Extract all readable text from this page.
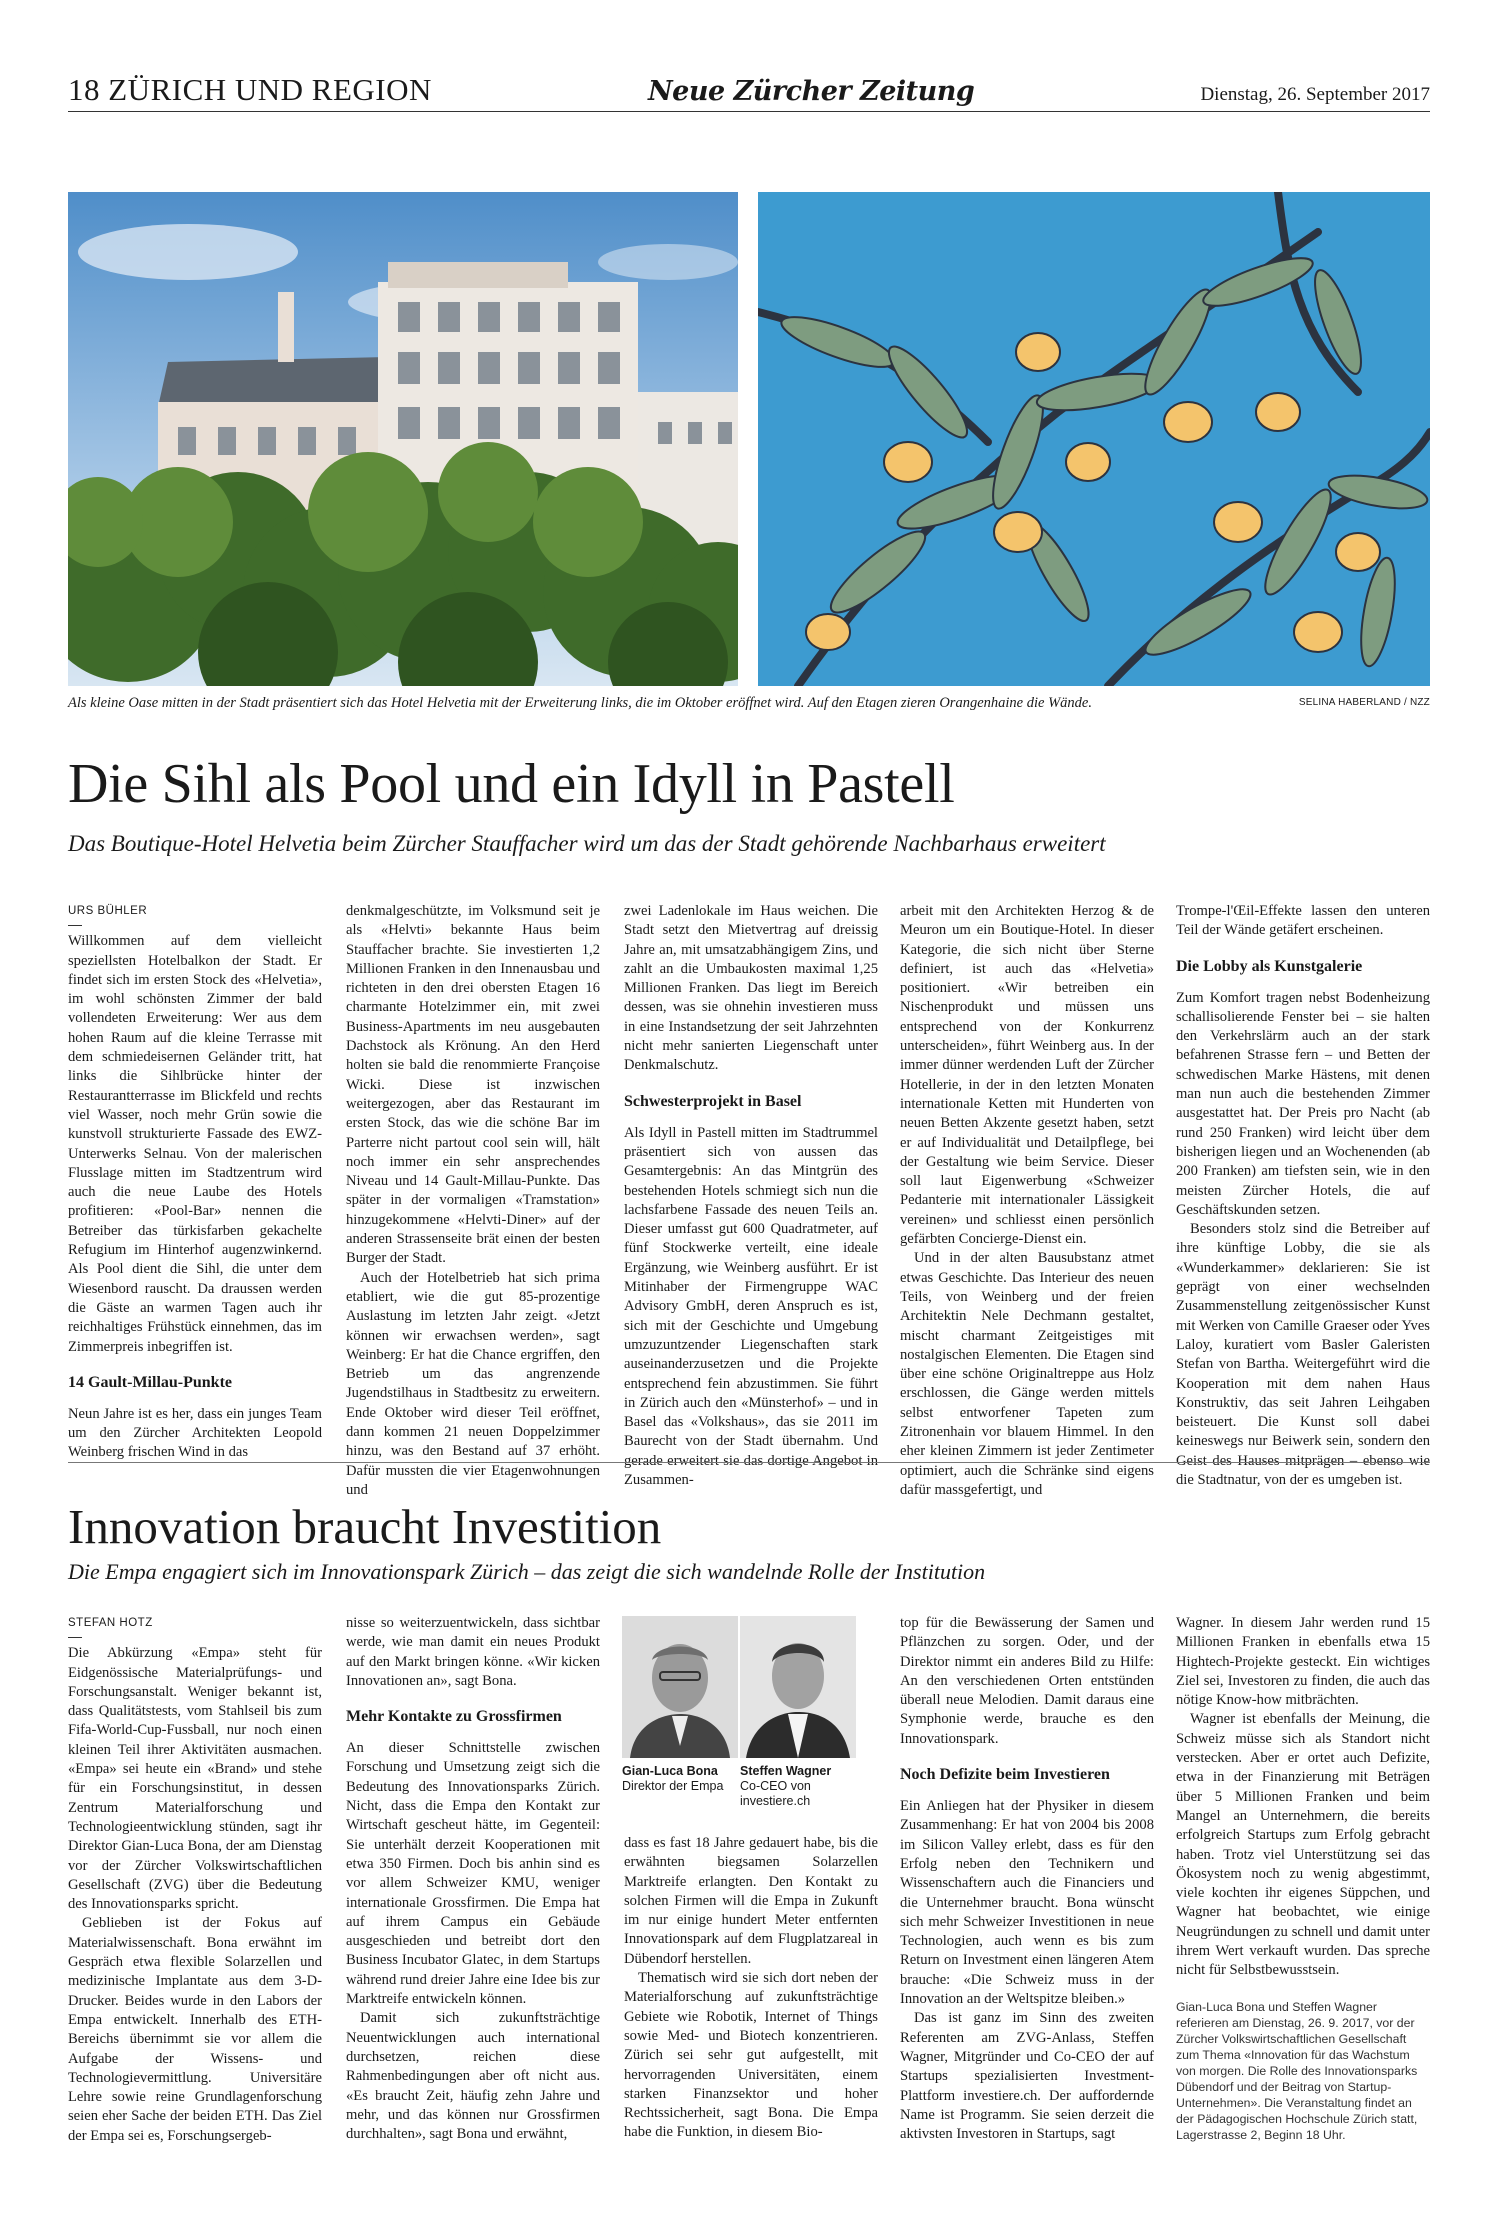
18 ZÜRICH UND REGION	Neue Zürcher Zeitung	Dienstag, 26. September 2017
Als kleine Oase mitten in der Stadt präsentiert sich das Hotel Helvetia mit der Erweiterung links, die im Oktober eröffnet wird. Auf den Etagen zieren Orangenhaine die Wände.	SELINA HABERLAND / NZZ
Die Sihl als Pool und ein Idyll in Pastell
Das Boutique-Hotel Helvetia beim Zürcher Stauffacher wird um das der Stadt gehörende Nachbarhaus erweitert
URS BÜHLER

Willkommen auf dem vielleicht speziellsten Hotelbalkon der Stadt. Er findet sich im ersten Stock des «Helvetia», im wohl schönsten Zimmer der bald vollendeten Erweiterung: Wer aus dem hohen Raum auf die kleine Terrasse mit dem schmiedeisernen Geländer tritt, hat links die Sihlbrücke hinter der Restaurantterrasse im Blickfeld und rechts viel Wasser, noch mehr Grün sowie die kunstvoll strukturierte Fassade des EWZ-Unterwerks Selnau. Von der malerischen Flusslage mitten im Stadtzentrum wird auch die neue Laube des Hotels profitieren: «Pool-Bar» nennen die Betreiber das türkisfarben gekachelte Refugium im Hinterhof augenzwinkernd. Als Pool dient die Sihl, die unter dem Wiesenbord rauscht. Da draussen werden die Gäste an warmen Tagen auch ihr reichhaltiges Frühstück einnehmen, das im Zimmerpreis inbegriffen ist.

14 Gault-Millau-Punkte

Neun Jahre ist es her, dass ein junges Team um den Zürcher Architekten Leopold Weinberg frischen Wind in das

denkmalgeschützte, im Volksmund seit je als «Helvti» bekannte Haus beim Stauffacher brachte. Sie investierten 1,2 Millionen Franken in den Innenausbau und richteten in den drei obersten Etagen 16 charmante Hotelzimmer ein, mit zwei Business-Apartments im neu ausgebauten Dachstock als Krönung. An den Herd holten sie bald die renommierte Françoise Wicki. Diese ist inzwischen weitergezogen, aber das Restaurant im ersten Stock, das wie die schöne Bar im Parterre nicht partout cool sein will, hält noch immer ein sehr ansprechendes Niveau und 14 Gault-Millau-Punkte. Das später in der vormaligen «Tramstation» hinzugekommene «Helvti-Diner» auf der anderen Strassenseite brät einen der besten Burger der Stadt.

Auch der Hotelbetrieb hat sich prima etabliert, wie die gut 85-prozentige Auslastung im letzten Jahr zeigt. «Jetzt können wir erwachsen werden», sagt Weinberg: Er hat die Chance ergriffen, den Betrieb um das angrenzende Jugendstilhaus in Stadtbesitz zu erweitern. Ende Oktober wird dieser Teil eröffnet, dann kommen 21 neuen Doppelzimmer hinzu, was den Bestand auf 37 erhöht. Dafür mussten die vier Etagenwohnungen und

zwei Ladenlokale im Haus weichen. Die Stadt setzt den Mietvertrag auf dreissig Jahre an, mit umsatzabhängigem Zins, und zahlt an die Umbaukosten maximal 1,25 Millionen Franken. Das liegt im Bereich dessen, was sie ohnehin investieren muss in eine Instandsetzung der seit Jahrzehnten nicht mehr sanierten Liegenschaft unter Denkmalschutz.

Schwesterprojekt in Basel

Als Idyll in Pastell mitten im Stadtrummel präsentiert sich von aussen das Gesamtergebnis: An das Mintgrün des bestehenden Hotels schmiegt sich nun die lachsfarbene Fassade des neuen Teils an. Dieser umfasst gut 600 Quadratmeter, auf fünf Stockwerke verteilt, eine ideale Ergänzung, wie Weinberg ausführt. Er ist Mitinhaber der Firmengruppe WAC Advisory GmbH, deren Anspruch es ist, sich mit der Geschichte und Umgebung umzuzuntzender Liegenschaften stark auseinanderzusetzen und die Projekte entsprechend fein abzustimmen. Sie führt in Zürich auch den «Münsterhof» – und in Basel das «Volkshaus», das sie 2011 im Baurecht von der Stadt übernahm. Und gerade erweitert sie das dortige Angebot in Zusammen-

arbeit mit den Architekten Herzog & de Meuron um ein Boutique-Hotel. In dieser Kategorie, die sich nicht über Sterne definiert, ist auch das «Helvetia» positioniert. «Wir betreiben ein Nischenprodukt und müssen uns entsprechend von der Konkurrenz unterscheiden», führt Weinberg aus. In der immer dünner werdenden Luft der Zürcher Hotellerie, in der in den letzten Monaten internationale Ketten mit Hunderten von neuen Betten Akzente gesetzt haben, setzt er auf Individualität und Detailpflege, bei der Gestaltung wie beim Service. Dieser soll laut Eigenwerbung «Schweizer Pedanterie mit internationaler Lässigkeit vereinen» und schliesst einen persönlich gefärbten Concierge-Dienst ein.

Und in der alten Bausubstanz atmet etwas Geschichte. Das Interieur des neuen Teils, von Weinberg und der freien Architektin Nele Dechmann gestaltet, mischt charmant Zeitgeistiges mit nostalgischen Elementen. Die Etagen sind über eine schöne Originaltreppe aus Holz erschlossen, die Gänge werden mittels selbst entworfener Tapeten zum Zitronenhain vor blauem Himmel. In den eher kleinen Zimmern ist jeder Zentimeter optimiert, auch die Schränke sind eigens dafür massgefertigt, und

Trompe-l'Œil-Effekte lassen den unteren Teil der Wände getäfert erscheinen.

Die Lobby als Kunstgalerie

Zum Komfort tragen nebst Bodenheizung schallisolierende Fenster bei – sie halten den Verkehrslärm auch an der stark befahrenen Strasse fern – und Betten der schwedischen Marke Hästens, mit denen man nun auch die bestehenden Zimmer ausgestattet hat. Der Preis pro Nacht (ab rund 250 Franken) wird leicht über dem bisherigen liegen und an Wochenenden (ab 200 Franken) am tiefsten sein, wie in den meisten Zürcher Hotels, die auf Geschäftskunden setzen.

Besonders stolz sind die Betreiber auf ihre künftige Lobby, die sie als «Wunderkammer» deklarieren: Sie ist geprägt von einer wechselnden Zusammenstellung zeitgenössischer Kunst mit Werken von Camille Graeser oder Yves Laloy, kuratiert vom Basler Galeristen Stefan von Bartha. Weitergeführt wird die Kooperation mit dem nahen Haus Konstruktiv, das seit Jahren Leihgaben beisteuert. Die Kunst soll dabei keineswegs nur Beiwerk sein, sondern den Geist des Hauses mitprägen – ebenso wie die Stadtnatur, von der es umgeben ist.

Innovation braucht Investition
Die Empa engagiert sich im Innovationspark Zürich – das zeigt die sich wandelnde Rolle der Institution
STEFAN HOTZ

Die Abkürzung «Empa» steht für Eidgenössische Materialprüfungs- und Forschungsanstalt. Weniger bekannt ist, dass Qualitätstests, vom Stahlseil bis zum Fifa-World-Cup-Fussball, nur noch einen kleinen Teil ihrer Aktivitäten ausmachen. «Empa» sei heute ein «Brand» und stehe für ein Forschungsinstitut, in dessen Zentrum Materialforschung und Technologieentwicklung stünden, sagt ihr Direktor Gian-Luca Bona, der am Dienstag vor der Zürcher Volkswirtschaftlichen Gesellschaft (ZVG) über die Bedeutung des Innovationsparks spricht.

Geblieben ist der Fokus auf Materialwissenschaft. Bona erwähnt im Gespräch etwa flexible Solarzellen und medizinische Implantate aus dem 3-D-Drucker. Beides wurde in den Labors der Empa entwickelt. Innerhalb des ETH-Bereichs übernimmt sie vor allem die Aufgabe der Wissens- und Technologievermittlung. Universitäre Lehre sowie reine Grundlagenforschung seien eher Sache der beiden ETH. Das Ziel der Empa sei es, Forschungsergeb-

nisse so weiterzuentwickeln, dass sichtbar werde, wie man damit ein neues Produkt auf den Markt bringen könne. «Wir kicken Innovationen an», sagt Bona.

Mehr Kontakte zu Grossfirmen

An dieser Schnittstelle zwischen Forschung und Umsetzung zeigt sich die Bedeutung des Innovationsparks Zürich. Nicht, dass die Empa den Kontakt zur Wirtschaft gescheut hätte, im Gegenteil: Sie unterhält derzeit Kooperationen mit etwa 350 Firmen. Doch bis anhin sind es vor allem Schweizer KMU, weniger internationale Grossfirmen. Die Empa hat auf ihrem Campus ein Gebäude ausgeschieden und betreibt dort den Business Incubator Glatec, in dem Startups während rund dreier Jahre eine Idee bis zur Marktreife entwickeln können.

Damit sich zukunftsträchtige Neuentwicklungen auch international durchsetzen, reichen diese Rahmenbedingungen aber oft nicht aus. «Es braucht Zeit, häufig zehn Jahre und mehr, und das können nur Grossfirmen durchhalten», sagt Bona und erwähnt,

Gian-Luca Bona
Direktor der Empa
Steffen Wagner
Co-CEO von investiere.ch

dass es fast 18 Jahre gedauert habe, bis die erwähnten biegsamen Solarzellen Marktreife erlangten. Den Kontakt zu solchen Firmen will die Empa in Zukunft im nur einige hundert Meter entfernten Innovationspark auf dem Flugplatzareal in Dübendorf herstellen.

Thematisch wird sie sich dort neben der Materialforschung auf zukunftsträchtige Gebiete wie Robotik, Internet of Things sowie Med- und Biotech konzentrieren. Zürich sei sehr gut aufgestellt, mit hervorragenden Universitäten, einem starken Finanzsektor und hoher Rechtssicherheit, sagt Bona. Die Empa habe die Funktion, in diesem Bio-

top für die Bewässerung der Samen und Pflänzchen zu sorgen. Oder, und der Direktor nimmt ein anderes Bild zu Hilfe: An den verschiedenen Orten entstünden überall neue Melodien. Damit daraus eine Symphonie werde, brauche es den Innovationspark.

Noch Defizite beim Investieren

Ein Anliegen hat der Physiker in diesem Zusammenhang: Er hat von 2004 bis 2008 im Silicon Valley erlebt, dass es für den Erfolg neben den Technikern und Wissenschaftern auch die Financiers und die Unternehmer braucht. Bona wünscht sich mehr Schweizer Investitionen in neue Technologien, auch wenn es bis zum Return on Investment einen längeren Atem brauche: «Die Schweiz muss in der Innovation an der Weltspitze bleiben.»

Das ist ganz im Sinn des zweiten Referenten am ZVG-Anlass, Steffen Wagner, Mitgründer und Co-CEO der auf Startups spezialisierten Investment-Plattform investiere.ch. Der auffordernde Name ist Programm. Sie seien derzeit die aktivsten Investoren in Startups, sagt

Wagner. In diesem Jahr werden rund 15 Millionen Franken in ebenfalls etwa 15 Hightech-Projekte gesteckt. Ein wichtiges Ziel sei, Investoren zu finden, die auch das nötige Know-how mitbrächten.

Wagner ist ebenfalls der Meinung, die Schweiz müsse sich als Standort nicht verstecken. Aber er ortet auch Defizite, etwa in der Finanzierung mit Beträgen über 5 Millionen Franken und beim Mangel an Unternehmern, die bereits erfolgreich Startups zum Erfolg gebracht haben. Trotz viel Unterstützung sei das Ökosystem noch zu wenig abgestimmt, viele kochten ihr eigenes Süppchen, und Wagner hat beobachtet, wie einige Neugründungen zu schnell und damit unter ihrem Wert verkauft wurden. Das spreche nicht für Selbstbewusstsein.

Gian-Luca Bona und Steffen Wagner referieren am Dienstag, 26. 9. 2017, vor der Zürcher Volkswirtschaftlichen Gesellschaft zum Thema «Innovation für das Wachstum von morgen. Die Rolle des Innovationsparks Dübendorf und der Beitrag von Startup-Unternehmen». Die Veranstaltung findet an der Pädagogischen Hochschule Zürich statt, Lagerstrasse 2, Beginn 18 Uhr.
